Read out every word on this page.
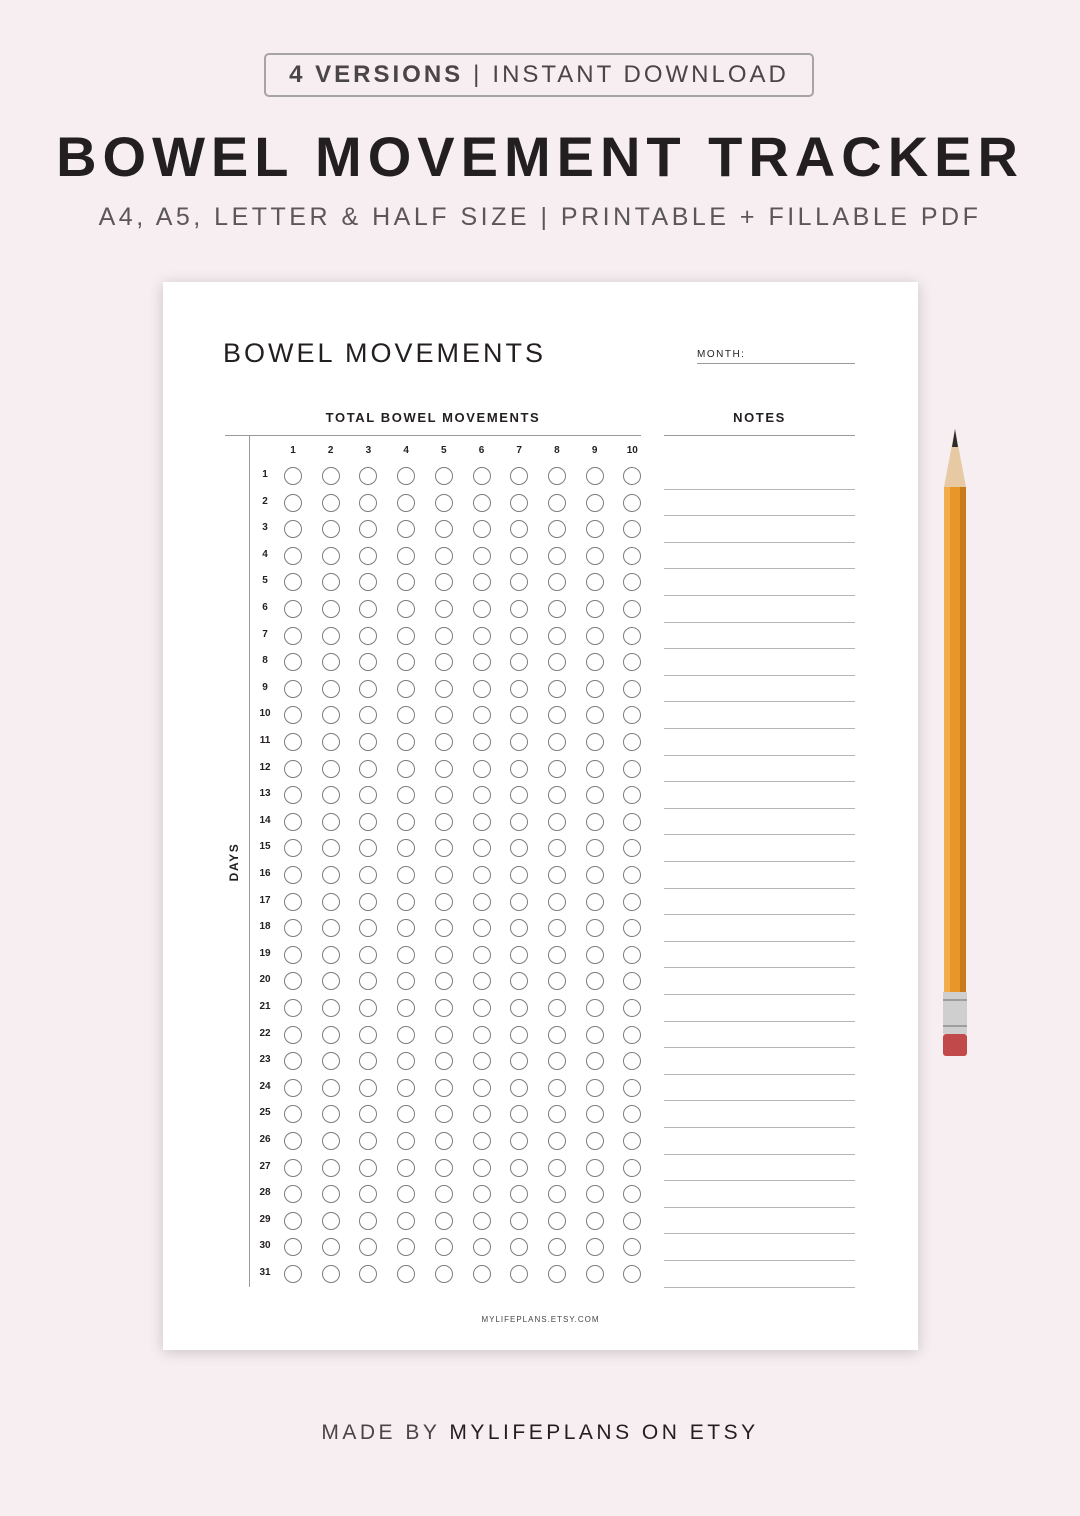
4 VERSIONS | INSTANT DOWNLOAD
BOWEL MOVEMENT TRACKER
A4, A5, LETTER & HALF SIZE | PRINTABLE + FILLABLE PDF
BOWEL MOVEMENTS	MONTH:
TOTAL BOWEL MOVEMENTS	NOTES
DAYS
1	2	3	4	5	6	7	8	9	10
1
2
3
4
5
6
7
8
9
10
11
12
13
14
15
16
17
18
19
20
21
22
23
24
25
26
27
28
29
30
31
MYLIFEPLANS.ETSY.COM
MADE BY MYLIFEPLANS ON ETSY
